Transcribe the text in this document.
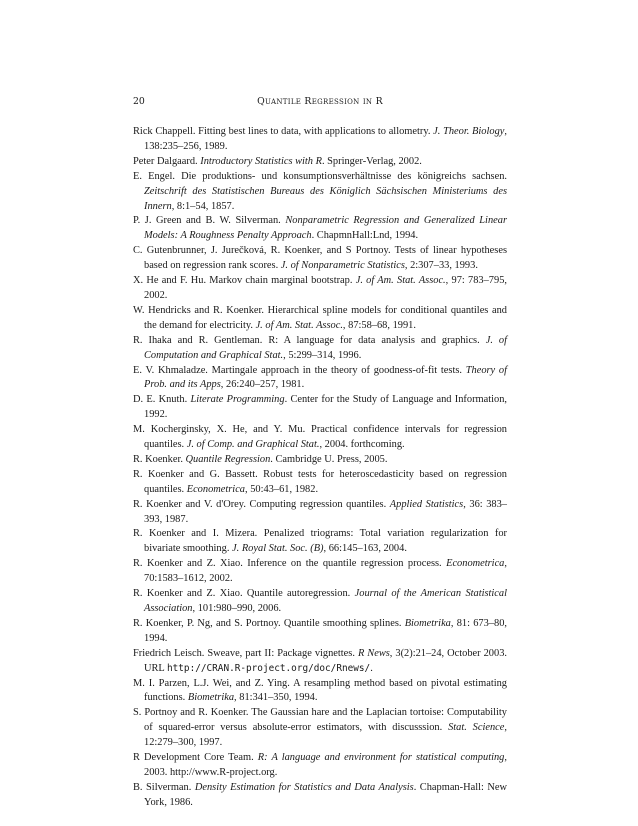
20	Quantile Regression in R
Rick Chappell. Fitting best lines to data, with applications to allometry. J. Theor. Biology, 138:235–256, 1989.
Peter Dalgaard. Introductory Statistics with R. Springer-Verlag, 2002.
E. Engel. Die produktions- und konsumptionsverhältnisse des königreichs sachsen. Zeitschrift des Statistischen Bureaus des Königlich Sächsischen Ministeriums des Innern, 8:1–54, 1857.
P. J. Green and B. W. Silverman. Nonparametric Regression and Generalized Linear Models: A Roughness Penalty Approach. ChapmnHall:Lnd, 1994.
C. Gutenbrunner, J. Jurečková, R. Koenker, and S Portnoy. Tests of linear hypotheses based on regression rank scores. J. of Nonparametric Statistics, 2:307–33, 1993.
X. He and F. Hu. Markov chain marginal bootstrap. J. of Am. Stat. Assoc., 97: 783–795, 2002.
W. Hendricks and R. Koenker. Hierarchical spline models for conditional quantiles and the demand for electricity. J. of Am. Stat. Assoc., 87:58–68, 1991.
R. Ihaka and R. Gentleman. R: A language for data analysis and graphics. J. of Computation and Graphical Stat., 5:299–314, 1996.
E. V. Khmaladze. Martingale approach in the theory of goodness-of-fit tests. Theory of Prob. and its Apps, 26:240–257, 1981.
D. E. Knuth. Literate Programming. Center for the Study of Language and Information, 1992.
M. Kocherginsky, X. He, and Y. Mu. Practical confidence intervals for regression quantiles. J. of Comp. and Graphical Stat., 2004. forthcoming.
R. Koenker. Quantile Regression. Cambridge U. Press, 2005.
R. Koenker and G. Bassett. Robust tests for heteroscedasticity based on regression quantiles. Econometrica, 50:43–61, 1982.
R. Koenker and V. d'Orey. Computing regression quantiles. Applied Statistics, 36: 383–393, 1987.
R. Koenker and I. Mizera. Penalized triograms: Total variation regularization for bivariate smoothing. J. Royal Stat. Soc. (B), 66:145–163, 2004.
R. Koenker and Z. Xiao. Inference on the quantile regression process. Econometrica, 70:1583–1612, 2002.
R. Koenker and Z. Xiao. Quantile autoregression. Journal of the American Statistical Association, 101:980–990, 2006.
R. Koenker, P. Ng, and S. Portnoy. Quantile smoothing splines. Biometrika, 81: 673–80, 1994.
Friedrich Leisch. Sweave, part II: Package vignettes. R News, 3(2):21–24, October 2003. URL http://CRAN.R-project.org/doc/Rnews/.
M. I. Parzen, L.J. Wei, and Z. Ying. A resampling method based on pivotal estimating functions. Biometrika, 81:341–350, 1994.
S. Portnoy and R. Koenker. The Gaussian hare and the Laplacian tortoise: Computability of squared-error versus absolute-error estimators, with discusssion. Stat. Science, 12:279–300, 1997.
R Development Core Team. R: A language and environment for statistical computing, 2003. http://www.R-project.org.
B. Silverman. Density Estimation for Statistics and Data Analysis. Chapman-Hall: New York, 1986.
